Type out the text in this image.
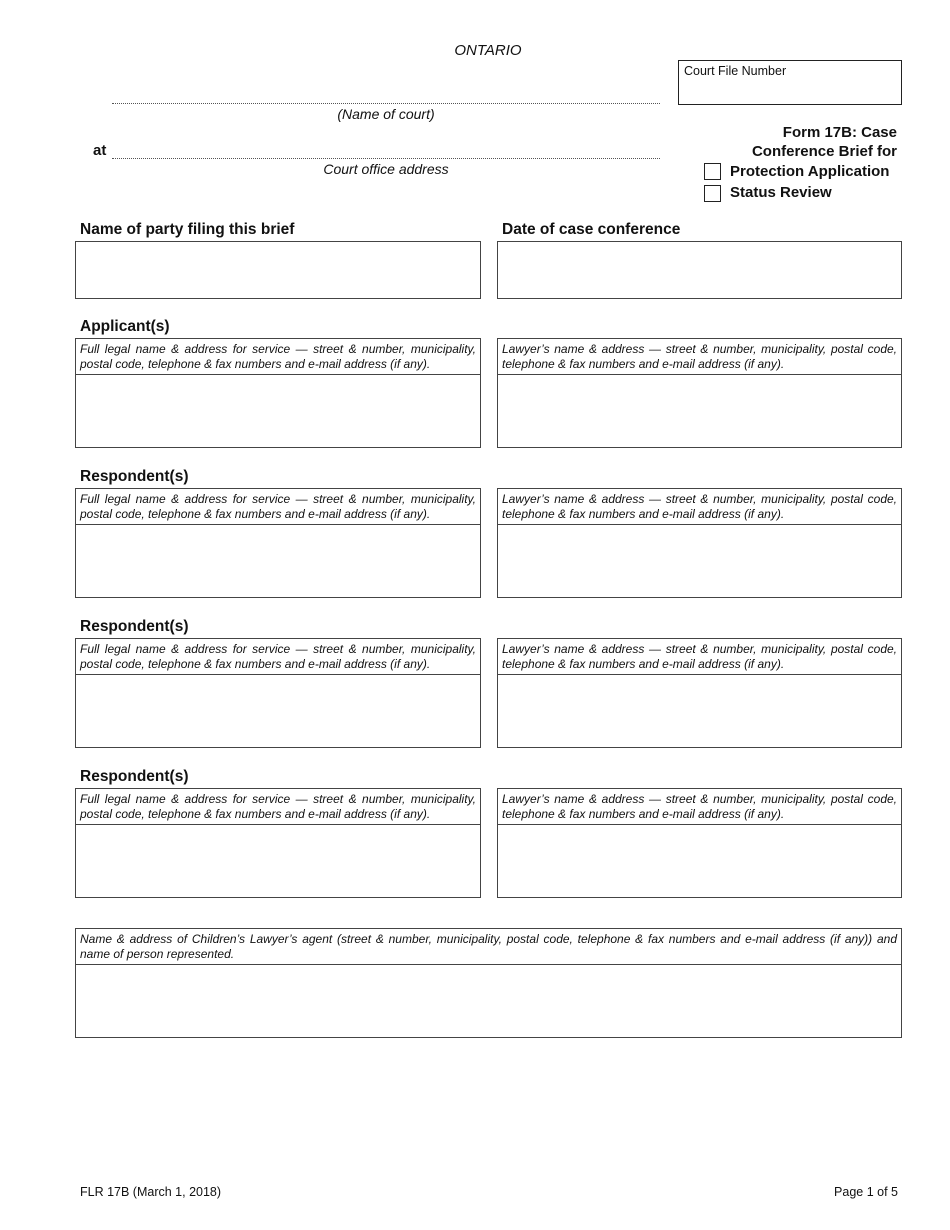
ONTARIO
Court File Number
(Name of court)
at
Court office address
Form 17B: Case
Conference Brief for
Protection Application
Status Review
Name of party filing this brief	Date of case conference
Applicant(s)
Full legal name & address for service — street & number, municipality, postal code, telephone & fax numbers and e-mail address (if any).
Lawyer’s name & address — street & number, municipality, postal code, telephone & fax numbers and e-mail address (if any).
Respondent(s)
Full legal name & address for service — street & number, municipality, postal code, telephone & fax numbers and e-mail address (if any).
Lawyer’s name & address — street & number, municipality, postal code, telephone & fax numbers and e-mail address (if any).
Respondent(s)
Full legal name & address for service — street & number, municipality, postal code, telephone & fax numbers and e-mail address (if any).
Lawyer’s name & address — street & number, municipality, postal code, telephone & fax numbers and e-mail address (if any).
Respondent(s)
Full legal name & address for service — street & number, municipality, postal code, telephone & fax numbers and e-mail address (if any).
Lawyer’s name & address — street & number, municipality, postal code, telephone & fax numbers and e-mail address (if any).
Name & address of Children’s Lawyer’s agent (street & number, municipality, postal code, telephone & fax numbers and e-mail address (if any)) and name of person represented.
FLR 17B (March 1, 2018)	Page 1 of 5
